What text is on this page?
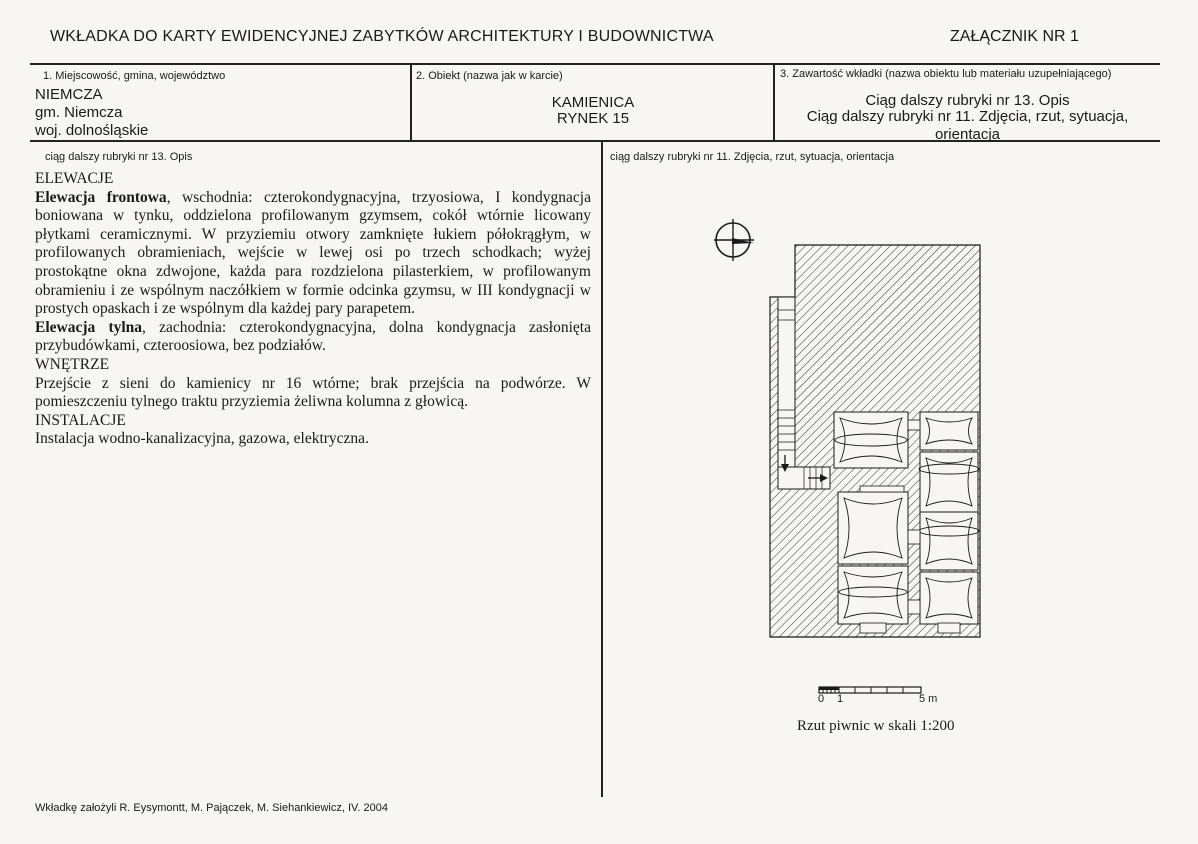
WKŁADKA DO KARTY EWIDENCYJNEJ ZABYTKÓW ARCHITEKTURY I BUDOWNICTWA	ZAŁĄCZNIK NR 1
1. Miejscowość, gmina, województwo
NIEMCZA
gm. Niemcza
woj. dolnośląskie
2. Obiekt (nazwa jak w karcie)
KAMIENICA
RYNEK 15
3. Zawartość wkładki (nazwa obiektu lub materiału uzupełniającego)
Ciąg dalszy rubryki nr 13. Opis
Ciąg dalszy rubryki nr 11. Zdjęcia, rzut, sytuacja, orientacja
ciąg dalszy rubryki nr 13. Opis

ELEWACJE

Elewacja frontowa, wschodnia: czterokondygnacyjna, trzyosiowa, I kondygnacja boniowana w tynku, oddzielona profilowanym gzymsem, cokół wtórnie licowany płytkami ceramicznymi. W przyziemiu otwory zamknięte łukiem półokrągłym, w profilowanych obramieniach, wejście w lewej osi po trzech schodkach; wyżej prostokątne okna zdwojone, każda para rozdzielona pilasterkiem, w profilowanym obramieniu i ze wspólnym naczółkiem w formie odcinka gzymsu, w III kondygnacji w prostych opaskach i ze wspólnym dla każdej pary parapetem.

Elewacja tylna, zachodnia: czterokondygnacyjna, dolna kondygnacja zasłonięta przybudówkami, czteroosiowa, bez podziałów.

WNĘTRZE

Przejście z sieni do kamienicy nr 16 wtórne; brak przejścia na podwórze. W pomieszczeniu tylnego traktu przyziemia żeliwna kolumna z głowicą.

INSTALACJE

Instalacja wodno-kanalizacyjna, gazowa, elektryczna.

ciąg dalszy rubryki nr 11. Zdjęcia, rzut, sytuacja, orientacja
0 1	5 m
Rzut piwnic w skali 1:200
Wkładkę założyli R. Eysymontt, M. Pajączek, M. Siehankiewicz, IV. 2004
